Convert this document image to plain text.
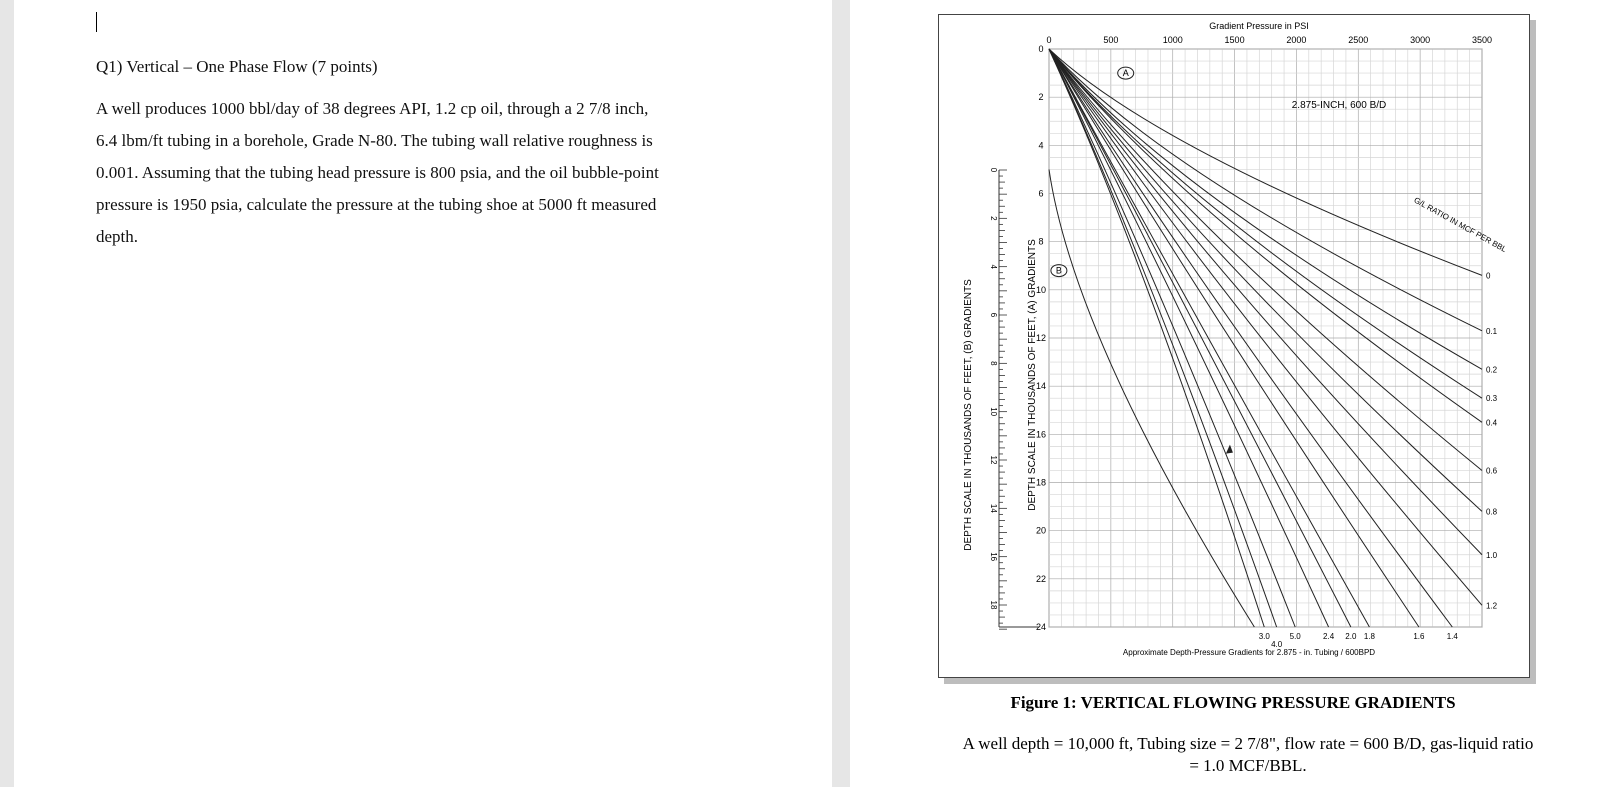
Q1) Vertical – One Phase Flow (7 points)
A well produces 1000 bbl/day of 38 degrees API, 1.2 cp oil, through a 2 7/8 inch,
6.4 lbm/ft tubing in a borehole, Grade N-80. The tubing wall relative roughness is
0.001. Assuming that the tubing head pressure is 800 psia, and the oil bubble-point
pressure is 1950 psia, calculate the pressure at the tubing shoe at 5000 ft measured
depth.
Gradient Pressure in PSI
0	500	1000	1500	2000	2500	3000	3500
0
2
4
6
8
10
12
14
16
18
20
22
24
0
2
4
6
8
10
12
14
16
18
2.875-INCH, 600 B/D
Approximate Depth-Pressure Gradients for 2.875 - in. Tubing / 600BPD
DEPTH SCALE IN THOUSANDS OF FEET, (A) GRADIENTS
DEPTH SCALE IN THOUSANDS OF FEET, (B) GRADIENTS
G/L RATIO IN MCF PER BBL
A
B
0
0.1
0.2
0.3
0.4
0.6
0.8
1.0
1.2
3.0
4.0
5.0	2.4 2.0 1.8	1.6	1.4
Figure 1: VERTICAL FLOWING PRESSURE GRADIENTS
A well depth = 10,000 ft, Tubing size = 2 7/8", flow rate = 600 B/D, gas-liquid ratio = 1.0 MCF/BBL.
